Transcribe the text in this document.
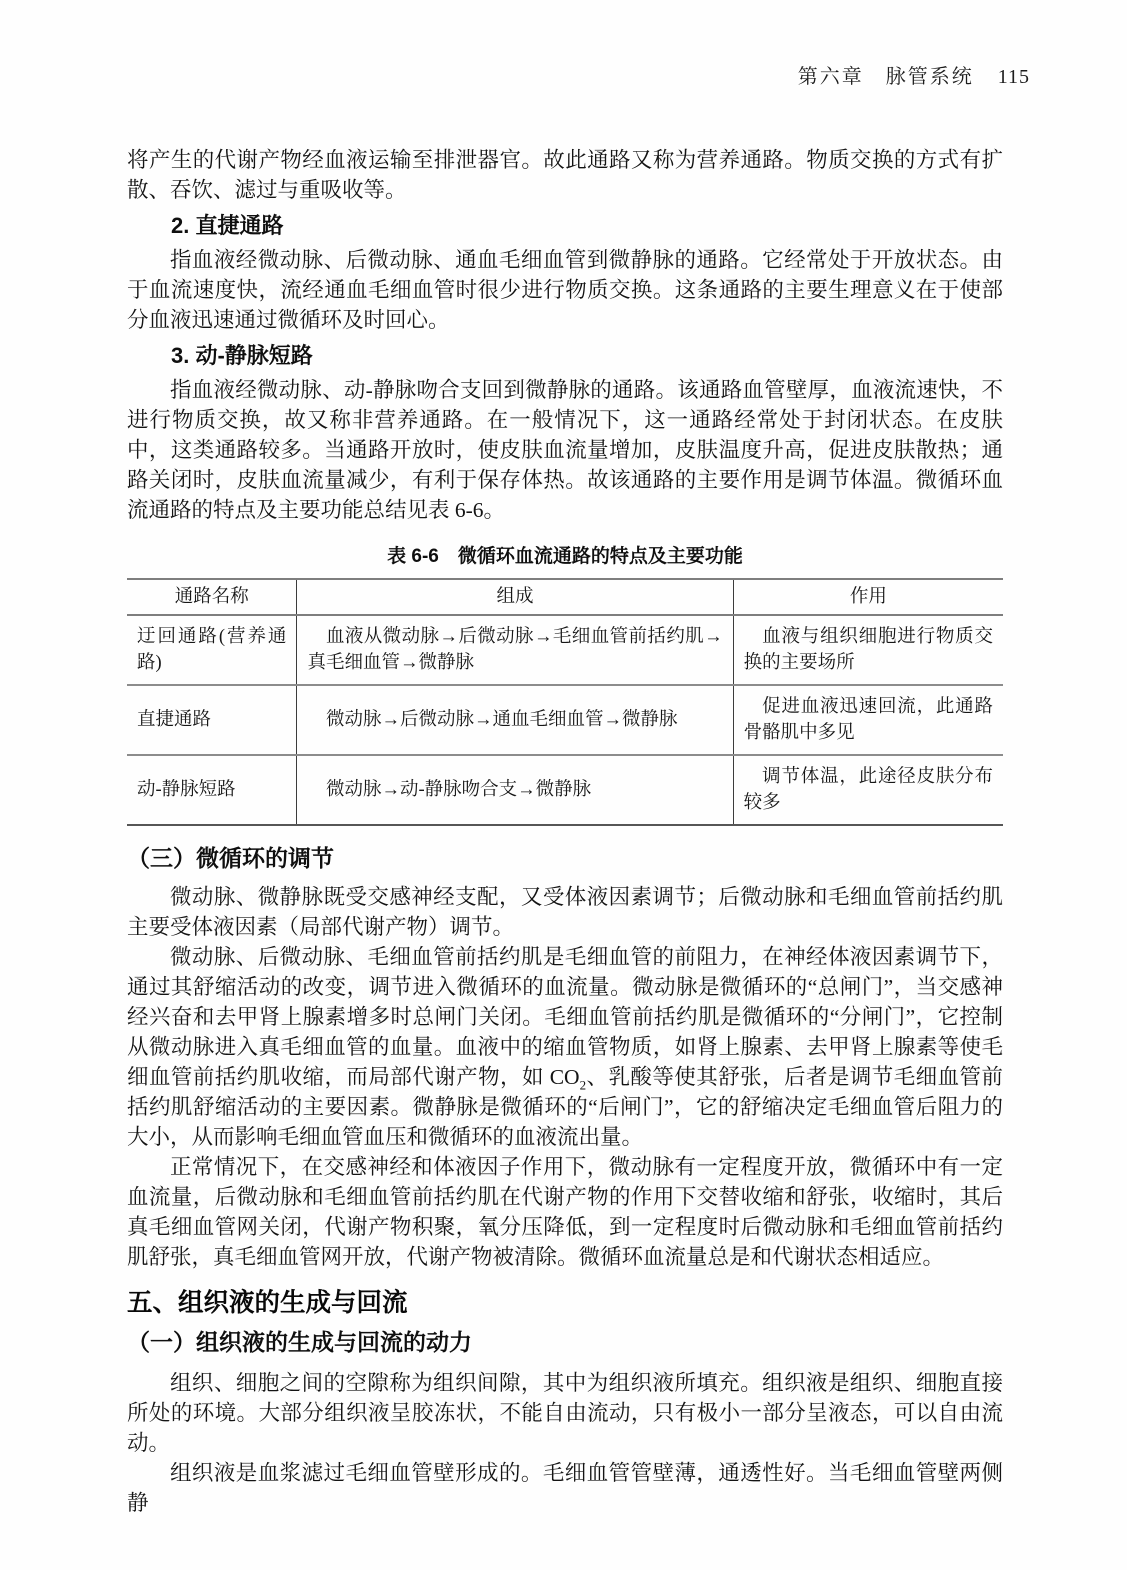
第六章　脉管系统 115

将产生的代谢产物经血液运输至排泄器官。故此通路又称为营养通路。物质交换的方式有扩散、吞饮、滤过与重吸收等。

2. 直捷通路

指血液经微动脉、后微动脉、通血毛细血管到微静脉的通路。它经常处于开放状态。由于血流速度快，流经通血毛细血管时很少进行物质交换。这条通路的主要生理意义在于使部分血液迅速通过微循环及时回心。

3. 动-静脉短路

指血液经微动脉、动-静脉吻合支回到微静脉的通路。该通路血管壁厚，血液流速快，不进行物质交换，故又称非营养通路。在一般情况下，这一通路经常处于封闭状态。在皮肤中，这类通路较多。当通路开放时，使皮肤血流量增加，皮肤温度升高，促进皮肤散热；通路关闭时，皮肤血流量减少，有利于保存体热。故该通路的主要作用是调节体温。微循环血流通路的特点及主要功能总结见表 6-6。

表 6-6　微循环血流通路的特点及主要功能
通路名称	组成	作用
迂回通路(营养通路)	血液从微动脉→后微动脉→毛细血管前括约肌→真毛细血管→微静脉	血液与组织细胞进行物质交换的主要场所

直捷通路	微动脉→后微动脉→通血毛细血管→微静脉	促进血液迅速回流，此通路骨骼肌中多见

动-静脉短路	微动脉→动-静脉吻合支→微静脉	调节体温，此途径皮肤分布较多

（三）微循环的调节

微动脉、微静脉既受交感神经支配，又受体液因素调节；后微动脉和毛细血管前括约肌主要受体液因素（局部代谢产物）调节。

微动脉、后微动脉、毛细血管前括约肌是毛细血管的前阻力，在神经体液因素调节下，通过其舒缩活动的改变，调节进入微循环的血流量。微动脉是微循环的“总闸门”，当交感神经兴奋和去甲肾上腺素增多时总闸门关闭。毛细血管前括约肌是微循环的“分闸门”，它控制从微动脉进入真毛细血管的血量。血液中的缩血管物质，如肾上腺素、去甲肾上腺素等使毛细血管前括约肌收缩，而局部代谢产物，如 $CO_2$、乳酸等使其舒张，后者是调节毛细血管前括约肌舒缩活动的主要因素。微静脉是微循环的“后闸门”，它的舒缩决定毛细血管后阻力的大小，从而影响毛细血管血压和微循环的血液流出量。

正常情况下，在交感神经和体液因子作用下，微动脉有一定程度开放，微循环中有一定血流量，后微动脉和毛细血管前括约肌在代谢产物的作用下交替收缩和舒张，收缩时，其后真毛细血管网关闭，代谢产物积聚，氧分压降低，到一定程度时后微动脉和毛细血管前括约肌舒张，真毛细血管网开放，代谢产物被清除。微循环血流量总是和代谢状态相适应。

五、组织液的生成与回流
（一）组织液的生成与回流的动力

组织、细胞之间的空隙称为组织间隙，其中为组织液所填充。组织液是组织、细胞直接所处的环境。大部分组织液呈胶冻状，不能自由流动，只有极小一部分呈液态，可以自由流动。

组织液是血浆滤过毛细血管壁形成的。毛细血管管壁薄，通透性好。当毛细血管壁两侧静
